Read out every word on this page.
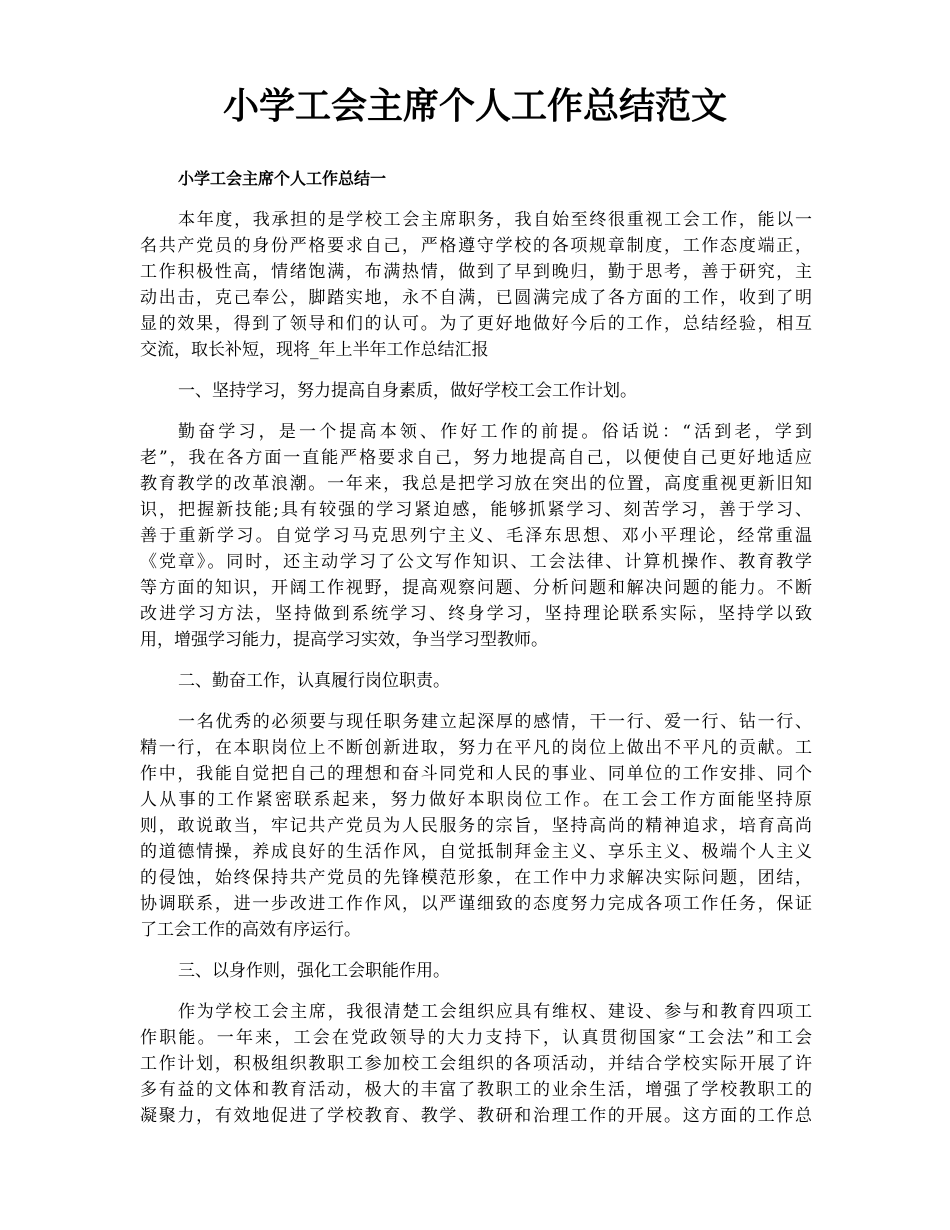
小学工会主席个人工作总结范文

小学工会主席个人工作总结一

本年度，我承担的是学校工会主席职务，我自始至终很重视工会工作，能以一
名共产党员的身份严格要求自己，严格遵守学校的各项规章制度，工作态度端正，
工作积极性高，情绪饱满，布满热情，做到了早到晚归，勤于思考，善于研究，主
动出击，克己奉公，脚踏实地，永不自满，已圆满完成了各方面的工作，收到了明
显的效果，得到了领导和们的认可。为了更好地做好今后的工作，总结经验，相互
交流，取长补短，现将_年上半年工作总结汇报

一、坚持学习，努力提高自身素质，做好学校工会工作计划。

勤奋学习，是一个提高本领、作好工作的前提。俗话说：“活到老，学到
老”，我在各方面一直能严格要求自己，努力地提高自己，以便使自己更好地适应
教育教学的改革浪潮。一年来，我总是把学习放在突出的位置，高度重视更新旧知
识，把握新技能;具有较强的学习紧迫感，能够抓紧学习、刻苦学习，善于学习、
善于重新学习。自觉学习马克思列宁主义、毛泽东思想、邓小平理论，经常重温
《党章》。同时，还主动学习了公文写作知识、工会法律、计算机操作、教育教学
等方面的知识，开阔工作视野，提高观察问题、分析问题和解决问题的能力。不断
改进学习方法，坚持做到系统学习、终身学习，坚持理论联系实际，坚持学以致
用，增强学习能力，提高学习实效，争当学习型教师。

二、勤奋工作，认真履行岗位职责。

一名优秀的必须要与现任职务建立起深厚的感情，干一行、爱一行、钻一行、
精一行，在本职岗位上不断创新进取，努力在平凡的岗位上做出不平凡的贡献。工
作中，我能自觉把自己的理想和奋斗同党和人民的事业、同单位的工作安排、同个
人从事的工作紧密联系起来，努力做好本职岗位工作。在工会工作方面能坚持原
则，敢说敢当，牢记共产党员为人民服务的宗旨，坚持高尚的精神追求，培育高尚
的道德情操，养成良好的生活作风，自觉抵制拜金主义、享乐主义、极端个人主义
的侵蚀，始终保持共产党员的先锋模范形象，在工作中力求解决实际问题，团结，
协调联系，进一步改进工作作风，以严谨细致的态度努力完成各项工作任务，保证
了工会工作的高效有序运行。

三、以身作则，强化工会职能作用。

作为学校工会主席，我很清楚工会组织应具有维权、建设、参与和教育四项工
作职能。一年来，工会在党政领导的大力支持下，认真贯彻国家“工会法”和工会
工作计划，积极组织教职工参加校工会组织的各项活动，并结合学校实际开展了许
多有益的文体和教育活动，极大的丰富了教职工的业余生活，增强了学校教职工的
凝聚力，有效地促进了学校教育、教学、教研和治理工作的开展。这方面的工作总
